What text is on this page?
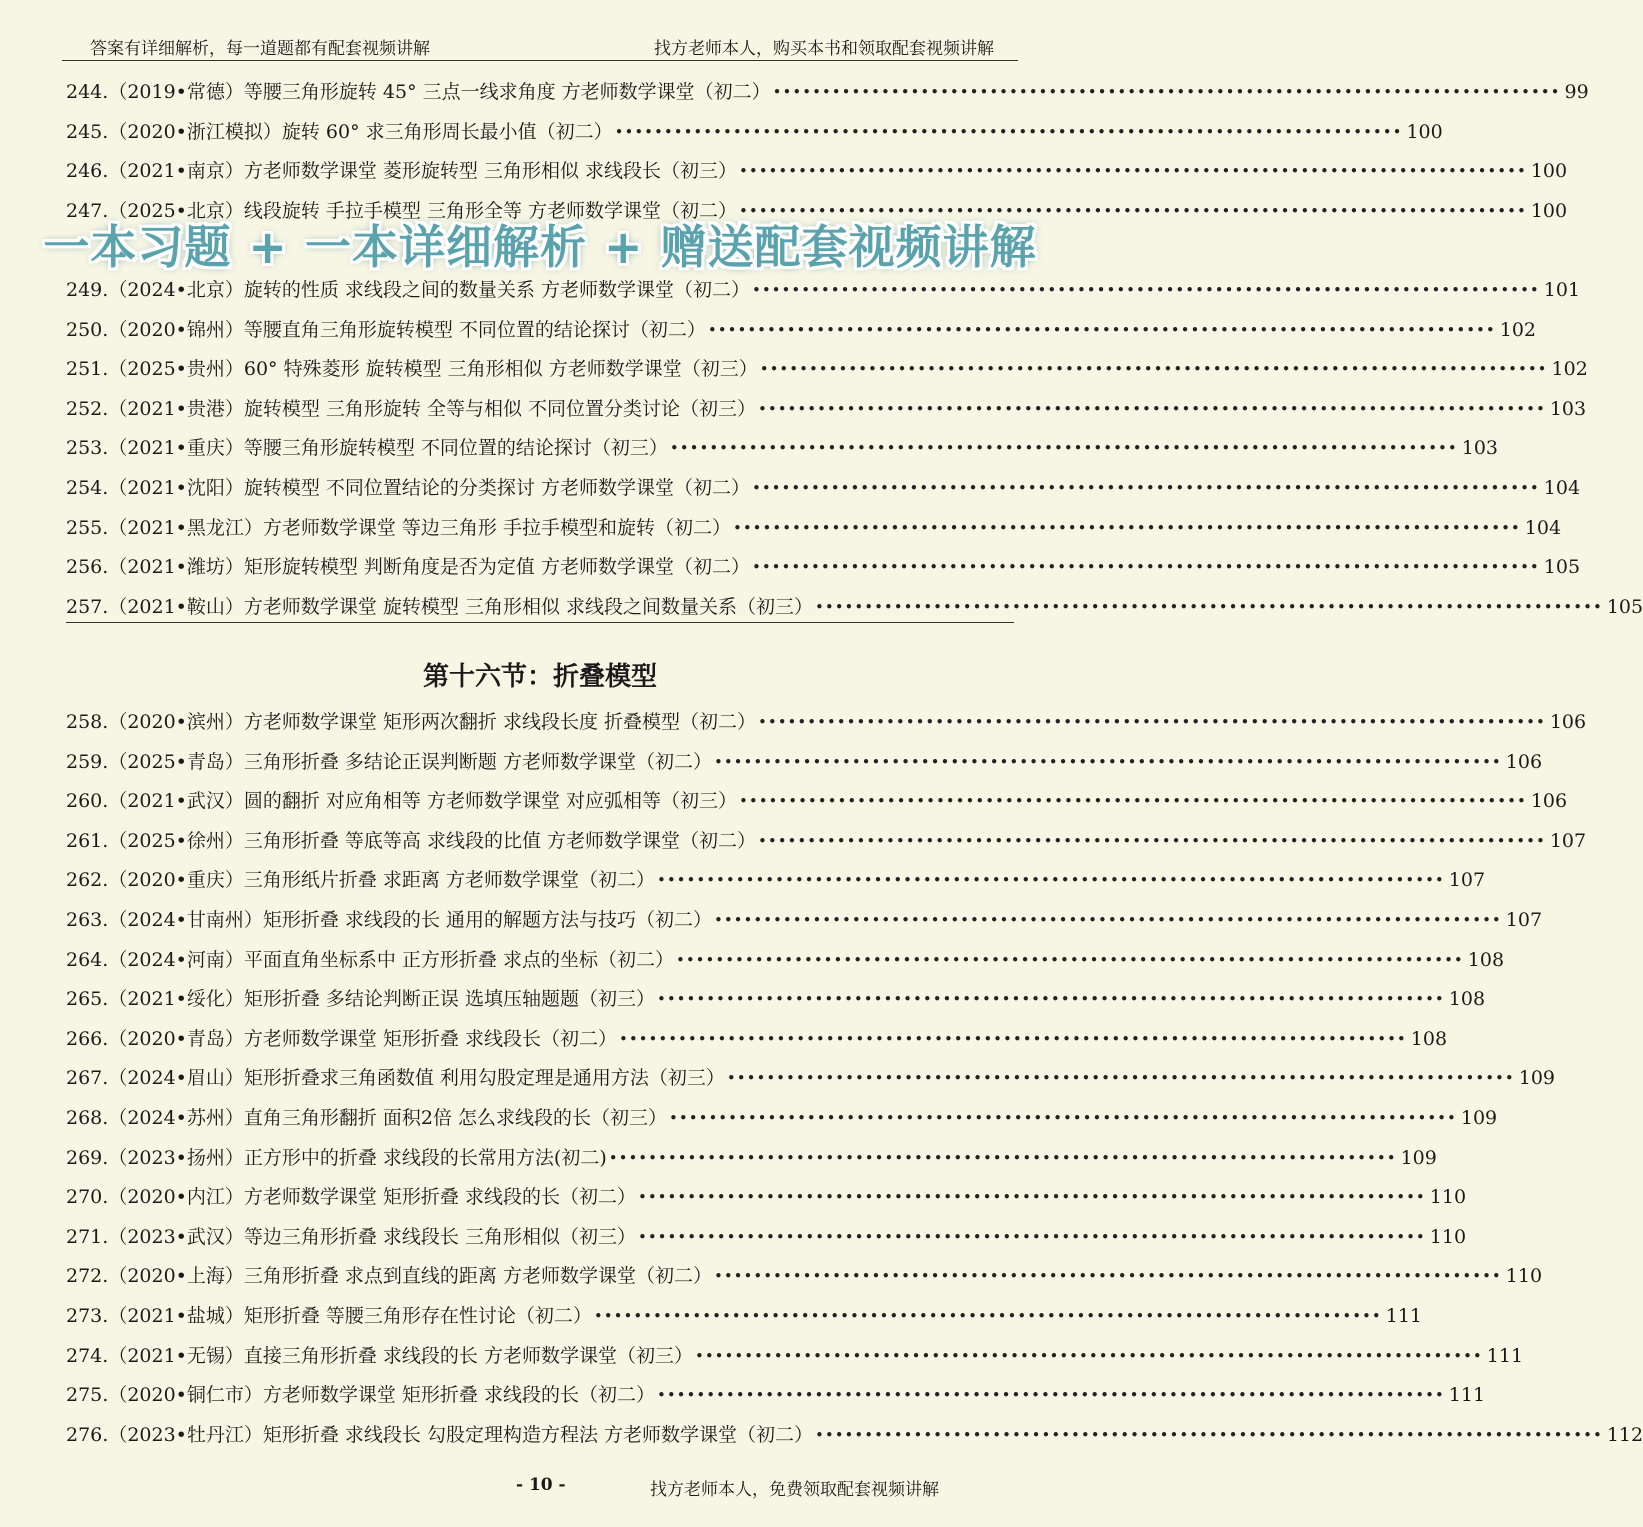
答案有详细解析，每一道题都有配套视频讲解	找方老师本人，购买本书和领取配套视频讲解
244. （2019•常德）等腰三角形旋转 45° 三点一线求角度 方老师数学课堂（初二） •••••••••••••••••••••••••••••••••••••••••••••••••••••••••••••••••••••••••••••••• 99
245. （2020•浙江模拟）旋转 60° 求三角形周长最小值（初二） •••••••••••••••••••••••••••••••••••••••••••••••••••••••••••••••••••••••••••••••• 100
246. （2021•南京）方老师数学课堂 菱形旋转型 三角形相似 求线段长（初三） •••••••••••••••••••••••••••••••••••••••••••••••••••••••••••••••••••••••••••••••• 100
247. （2025•北京）线段旋转 手拉手模型 三角形全等 方老师数学课堂（初二） •••••••••••••••••••••••••••••••••••••••••••••••••••••••••••••••••••••••••••••••• 100
249. （2024•北京）旋转的性质 求线段之间的数量关系 方老师数学课堂（初二） •••••••••••••••••••••••••••••••••••••••••••••••••••••••••••••••••••••••••••••••• 101
250. （2020•锦州）等腰直角三角形旋转模型 不同位置的结论探讨（初二） •••••••••••••••••••••••••••••••••••••••••••••••••••••••••••••••••••••••••••••••• 102
251. （2025•贵州）60° 特殊菱形 旋转模型 三角形相似 方老师数学课堂（初三） •••••••••••••••••••••••••••••••••••••••••••••••••••••••••••••••••••••••••••••••• 102
252. （2021•贵港）旋转模型 三角形旋转 全等与相似 不同位置分类讨论（初三） •••••••••••••••••••••••••••••••••••••••••••••••••••••••••••••••••••••••••••••••• 103
253. （2021•重庆）等腰三角形旋转模型 不同位置的结论探讨（初三） •••••••••••••••••••••••••••••••••••••••••••••••••••••••••••••••••••••••••••••••• 103
254. （2021•沈阳）旋转模型 不同位置结论的分类探讨 方老师数学课堂（初二） •••••••••••••••••••••••••••••••••••••••••••••••••••••••••••••••••••••••••••••••• 104
255. （2021•黑龙江）方老师数学课堂 等边三角形 手拉手模型和旋转（初二） •••••••••••••••••••••••••••••••••••••••••••••••••••••••••••••••••••••••••••••••• 104
256. （2021•潍坊）矩形旋转模型 判断角度是否为定值 方老师数学课堂（初二） •••••••••••••••••••••••••••••••••••••••••••••••••••••••••••••••••••••••••••••••• 105
257. （2021•鞍山）方老师数学课堂 旋转模型 三角形相似 求线段之间数量关系（初三） •••••••••••••••••••••••••••••••••••••••••••••••••••••••••••••••••••••••••••••••• 105
第十六节：折叠模型
258. （2020•滨州）方老师数学课堂 矩形两次翻折 求线段长度 折叠模型（初二） •••••••••••••••••••••••••••••••••••••••••••••••••••••••••••••••••••••••••••••••• 106
259. （2025•青岛）三角形折叠 多结论正误判断题 方老师数学课堂（初二） •••••••••••••••••••••••••••••••••••••••••••••••••••••••••••••••••••••••••••••••• 106
260. （2021•武汉）圆的翻折 对应角相等 方老师数学课堂 对应弧相等（初三） •••••••••••••••••••••••••••••••••••••••••••••••••••••••••••••••••••••••••••••••• 106
261. （2025•徐州）三角形折叠 等底等高 求线段的比值 方老师数学课堂（初二） •••••••••••••••••••••••••••••••••••••••••••••••••••••••••••••••••••••••••••••••• 107
262. （2020•重庆）三角形纸片折叠 求距离 方老师数学课堂（初二） •••••••••••••••••••••••••••••••••••••••••••••••••••••••••••••••••••••••••••••••• 107
263. （2024•甘南州）矩形折叠 求线段的长 通用的解题方法与技巧（初二） •••••••••••••••••••••••••••••••••••••••••••••••••••••••••••••••••••••••••••••••• 107
264. （2024•河南）平面直角坐标系中 正方形折叠 求点的坐标（初二） •••••••••••••••••••••••••••••••••••••••••••••••••••••••••••••••••••••••••••••••• 108
265. （2021•绥化）矩形折叠 多结论判断正误 选填压轴题题（初三） •••••••••••••••••••••••••••••••••••••••••••••••••••••••••••••••••••••••••••••••• 108
266. （2020•青岛）方老师数学课堂 矩形折叠 求线段长（初二） •••••••••••••••••••••••••••••••••••••••••••••••••••••••••••••••••••••••••••••••• 108
267. （2024•眉山）矩形折叠求三角函数值 利用勾股定理是通用方法（初三） •••••••••••••••••••••••••••••••••••••••••••••••••••••••••••••••••••••••••••••••• 109
268. （2024•苏州）直角三角形翻折 面积2倍 怎么求线段的长（初三） •••••••••••••••••••••••••••••••••••••••••••••••••••••••••••••••••••••••••••••••• 109
269. （2023•扬州）正方形中的折叠 求线段的长常用方法(初二) •••••••••••••••••••••••••••••••••••••••••••••••••••••••••••••••••••••••••••••••• 109
270. （2020•内江）方老师数学课堂 矩形折叠 求线段的长（初二） •••••••••••••••••••••••••••••••••••••••••••••••••••••••••••••••••••••••••••••••• 110
271. （2023•武汉）等边三角形折叠 求线段长 三角形相似（初三） •••••••••••••••••••••••••••••••••••••••••••••••••••••••••••••••••••••••••••••••• 110
272. （2020•上海）三角形折叠 求点到直线的距离 方老师数学课堂（初二） •••••••••••••••••••••••••••••••••••••••••••••••••••••••••••••••••••••••••••••••• 110
273. （2021•盐城）矩形折叠 等腰三角形存在性讨论（初二） •••••••••••••••••••••••••••••••••••••••••••••••••••••••••••••••••••••••••••••••• 111
274. （2021•无锡）直接三角形折叠 求线段的长 方老师数学课堂（初三） •••••••••••••••••••••••••••••••••••••••••••••••••••••••••••••••••••••••••••••••• 111
275. （2020•铜仁市）方老师数学课堂 矩形折叠 求线段的长（初二） •••••••••••••••••••••••••••••••••••••••••••••••••••••••••••••••••••••••••••••••• 111
276. （2023•牡丹江）矩形折叠 求线段长 勾股定理构造方程法 方老师数学课堂（初二） •••••••••••••••••••••••••••••••••••••••••••••••••••••••••••••••••••••••••••••••• 112
一本习题 + 一本详细解析 + 赠送配套视频讲解
- 10 -	找方老师本人，免费领取配套视频讲解
